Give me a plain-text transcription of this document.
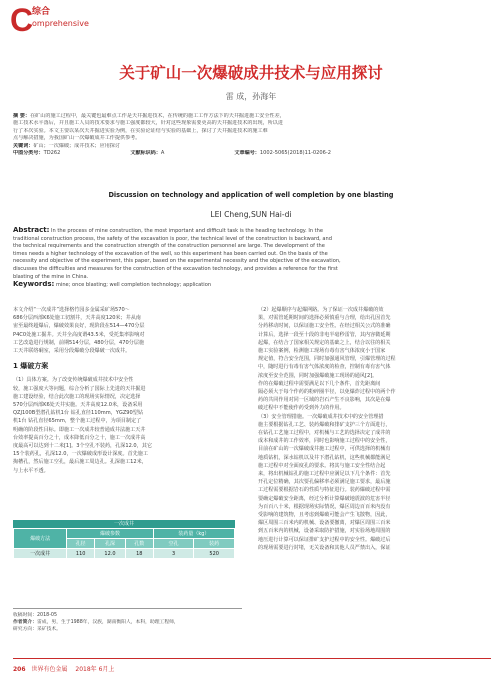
C
综合
omprehensive
关于矿山一次爆破成井技术与应用探讨
雷 成，孙海年
摘 要：在矿山的施工过程中，最关键也最难点工作是天井掘进技术，在传统的施工工作方法下的天井掘进施工安全性差，
施工技术水平落后，并且施工人员的技术要求与施工强度都较大，针对这些现象需要更高的天井掘进技术的出现，所以进
行了本次实验。本文主要以某次天井掘进实验为例，在实验论证结与实验的基础上，探讨了天井掘进技术的施工难
点与解决措施，为我国矿山一次爆破成井工作提供参考。
关键词：矿山；一次爆破；成井技术；应用探讨
中图分类号：TD262	文献标识码：A	文章编号：1002-5065(2018)11-0206-2
Discussion on technology and application of well completion by one blasting
LEI Cheng,SUN Hai-di
Abstract: In the process of mine construction, the most important and difficult task is the heading technology. In the
traditional construction process, the safety of the excavation is poor, the technical level of the construction is backward, and
the technical requirements and the construction strength of the construction personnel are large. The development of the
times needs a higher technology of the excavation of the well, so this experiment has been carried out. On the basis of the
necessity and objective of the experiment, this paper, based on the experimental necessity and the objective of the excavation,
discusses the difficulties and measures for the construction of the excavation technology, and provides a reference for the first
blasting of the mine in China.
Keywords: mine; once blasting; well completion technology; application
本文介绍“一次成井”选择格竹园多金属采矿场570～
686分层西部K6处施工切割井，天井高度120米；井从南
宙至最终超爆后，爆破效果良好，现阶段在514—470分层
P4C0处施工掘井。天井全高度谓43.5米，受托集率影响对
工艺改造进行规制，前期514分层，480分层，470分层施
工天井联络硐室，采用分段爆破分段爆破一次成井。
1 爆破方案
（1）具体方案。为了改变传统爆破成井技术中安全性
较，施工强度大等问题，综合分析了国际上先进的天井掘进
施工建设经验，结合此次施工的现场实际情况，决定选择
570分层西部K6处天井实施。天井高度12.0米，设备采用
QZJ100B型潜孔钻机1台 钻孔直径110mm，YGZ90型钻
机1台 钻孔直径65mm，整个施工过程中，为项目制定了
明确的阶段性目标。即施工一次成井较普通成井法施工天井
台效率提高百分之十，成本降低百分之十，施工一次成井高
度最高可以达到十二米[1]。3个空孔不装药，孔深12.0，其它
15个装药孔，孔深12.0，一次爆破成形设计深度。首先施工
掏槽孔，然后施工空孔，最后施工周边孔。孔深施工12米，
与上水平不透。
一次成井
爆破方法	爆破参数			装药量（kg）	
	孔径	孔深	孔数	空孔	装药
一次成井	110	12.0	18	3	520
收稿时间：2018-05
作者简介：雷成，男，生于1988年，汉族，湖南衡阳人，本科，助理工程师，
研究方向：采矿技术。
（2）起爆顺序与起爆网路。为了保证一次成井爆破的效
果，对需管延期时间的选择必须慎重与合理，给出孔因首先
分药移动时间，以保证施工安全性。在经过相关公式的准确
计算后，选择一段至十段的非电半毫秒雷管，其内容微延期
起爆，在结合了国家相关规定的基础之上，结合以往的相关
施工实验案例，检测施工现场有毒有害气体浓度小于国家
规定值，符合安全范围，同时加强通风管理，引爆管理的过程
中，随时进行有毒有害气体浓度的检查，控制有毒有害气体
浓度至安全范围，同时加强爆破施工现场的通风[2]。
作的在爆破过程中需要满足以下几个条件，首先距离间
隔必须大于每个作药的粉碎圈半径，以免爆炸过程中的两个作
药的共同作用对同一区域的岩石产生不良影响，其次是在爆
破过程中不能使作药受到外力的作用。
（3）安全管理措施。一次爆破成井技术中的安全管理措
施主要根据钻孔工艺、装药爆破和排矿支护三个方面进行，
在钻孔工艺施工过程中，对机械与工艺的选择决定了成井的
成本和成井的工作效率，同时也影响施工过程中的安全性，
目前在矿山的一次爆破成井施工过程中，可供选择的机械有
地质钻机，深水钻机以及井下潜孔钻机，这些机械都能满足
施工过程中对全面度孔的要求。将其与施工安全性结合起
来，将出机械钻孔的施工过程中应满足以下几个条件：首先
开孔定位精确，其次要孔偏移率必须满足施工要求，最后施
工过程需要根据岩石的性质与特征进行。装药爆破过程中需
要确定爆破安全距离，经过分析计算爆破地震波的危害半径
为百百八十米，根据现场实际情况，爆区周边百百米内没有
受影响的建筑物，且考虑到爆破可能会产生飞散物，因此，
爆区周围三百米内的机械、设备要撤离，对爆区周围三百米
到五百米内的机械，设备采取防护措施，对实验场地周围的
地压进行计算可以保证排矿支护过程中的安全性。爆破过后
的现场需要进行封堵，无关设备和其他人员严禁出入，保证
206 世界有色金属 2018年 6月上
